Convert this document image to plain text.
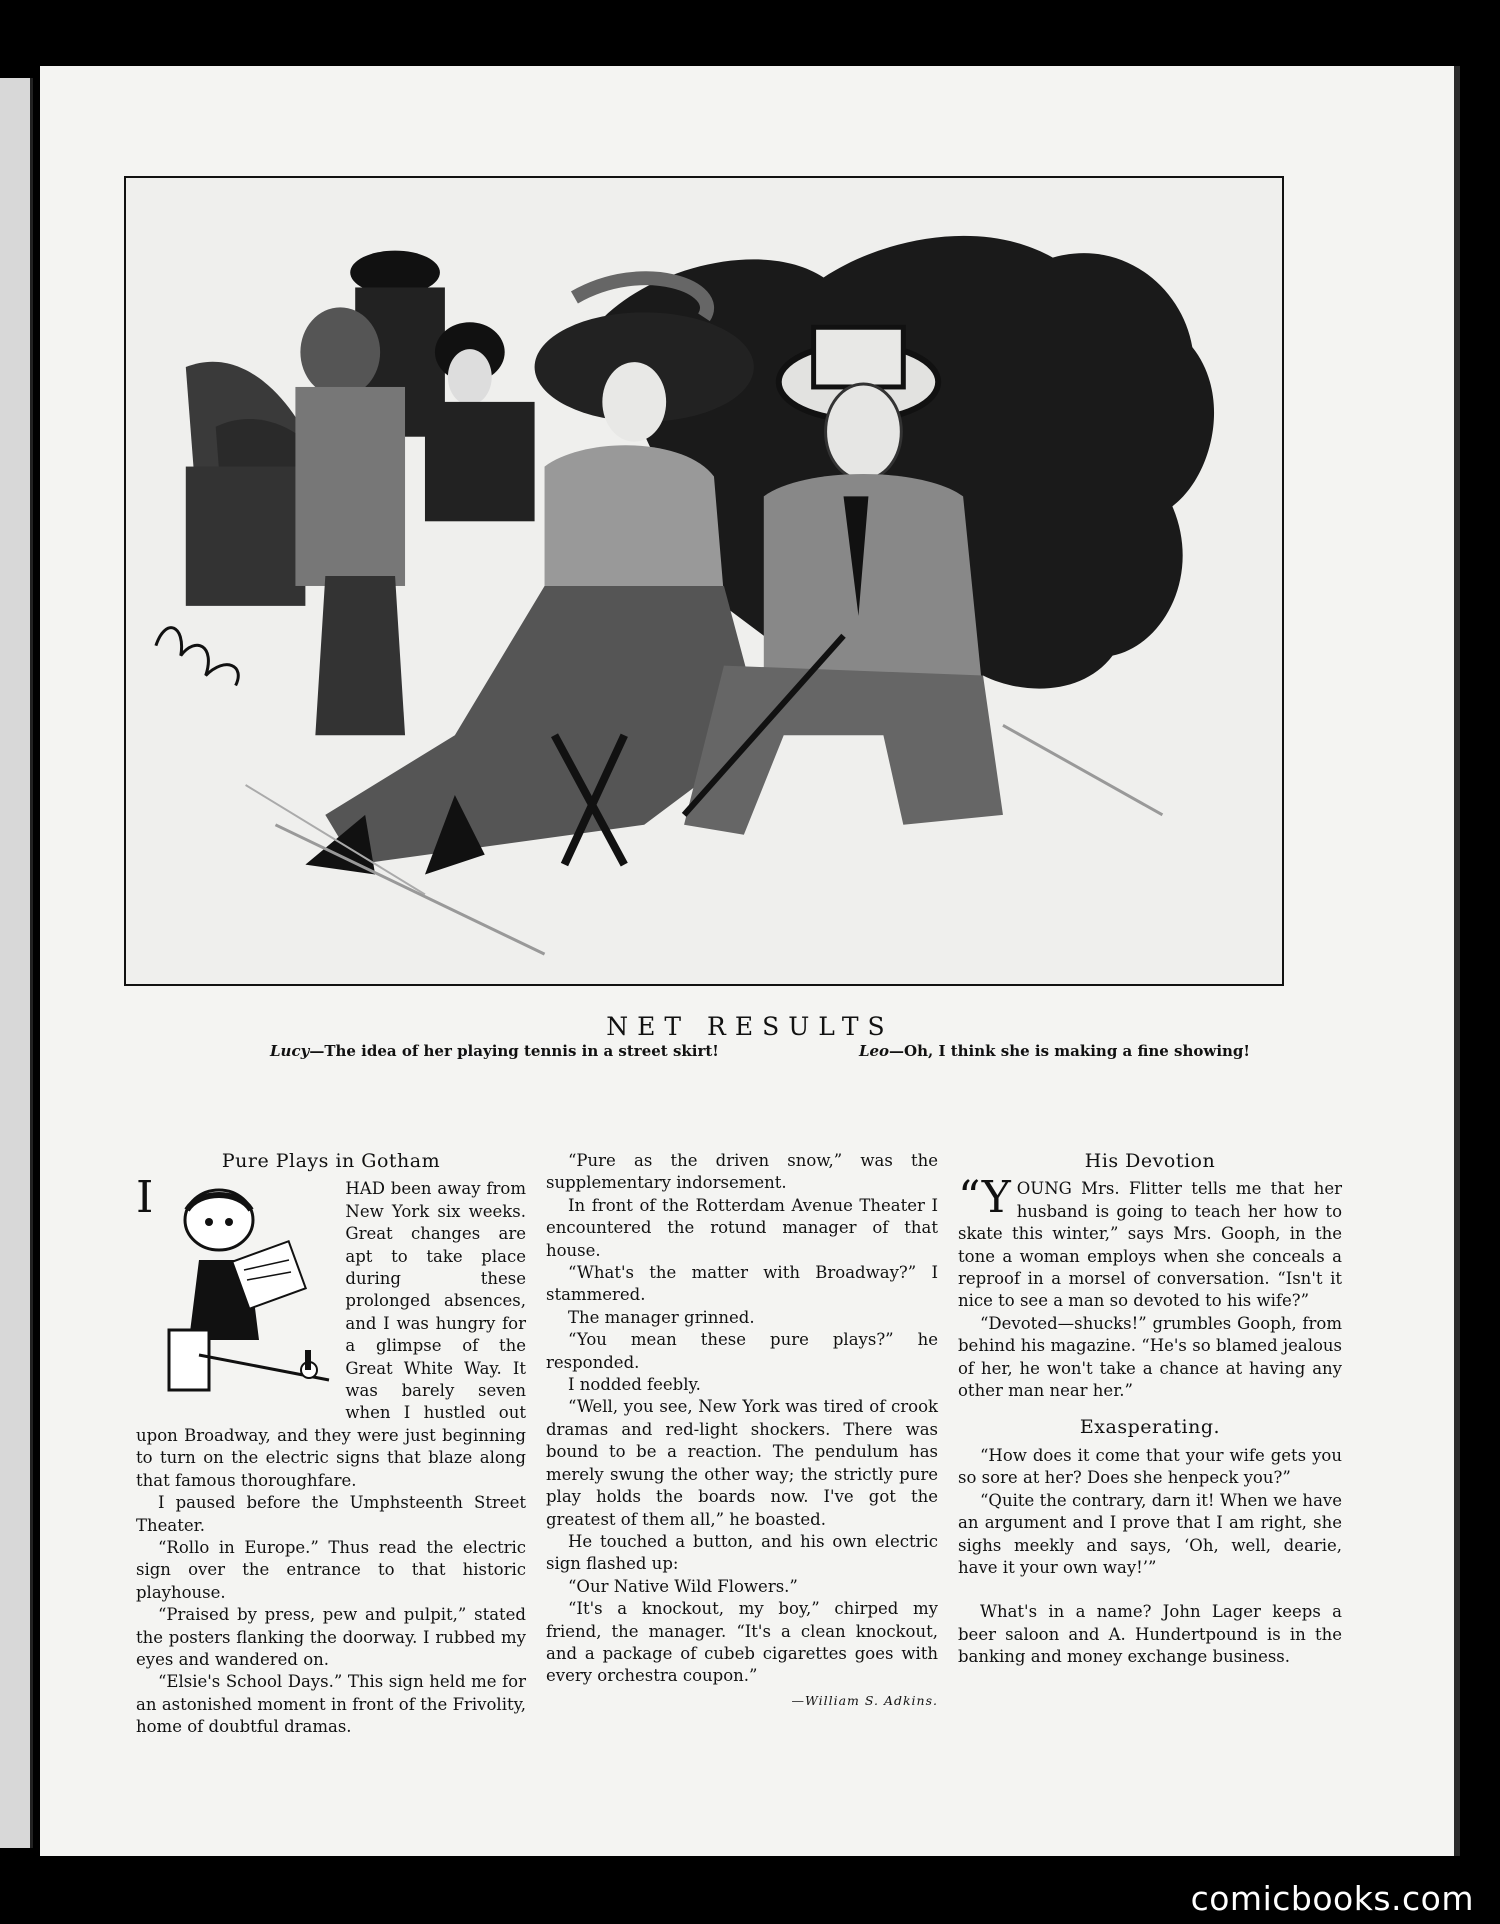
NET RESULTS
Lucy—The idea of her playing tennis in a street skirt!	Leo—Oh, I think she is making a fine showing!
Pure Plays in Gotham

I	HAD been away from New York six weeks. Great changes are apt to take place during these prolonged absences, and I was hungry for a glimpse of the Great White Way. It was barely seven when I hustled out upon Broadway, and they were just beginning to turn on the electric signs that blaze along that famous thoroughfare.

I paused before the Umphsteenth Street Theater.

“Rollo in Europe.” Thus read the electric sign over the entrance to that historic playhouse.

“Praised by press, pew and pulpit,” stated the posters flanking the doorway. I rubbed my eyes and wandered on.

“Elsie's School Days.” This sign held me for an astonished moment in front of the Frivolity, home of doubtful dramas.

“Pure as the driven snow,” was the supplementary indorsement.

In front of the Rotterdam Avenue Theater I encountered the rotund manager of that house.

“What's the matter with Broadway?” I stammered.

The manager grinned.

“You mean these pure plays?” he responded.

I nodded feebly.

“Well, you see, New York was tired of crook dramas and red-light shockers. There was bound to be a reaction. The pendulum has merely swung the other way; the strictly pure play holds the boards now. I've got the greatest of them all,” he boasted.

He touched a button, and his own electric sign flashed up:

“Our Native Wild Flowers.”

“It's a knockout, my boy,” chirped my friend, the manager. “It's a clean knockout, and a package of cubeb cigarettes goes with every orchestra coupon.”

—William S. Adkins.
His Devotion

“YOUNG Mrs. Flitter tells me that her husband is going to teach her how to skate this winter,” says Mrs. Gooph, in the tone a woman employs when she conceals a reproof in a morsel of conversation. “Isn't it nice to see a man so devoted to his wife?”

“Devoted—shucks!” grumbles Gooph, from behind his magazine. “He's so blamed jealous of her, he won't take a chance at having any other man near her.”

Exasperating.

“How does it come that your wife gets you so sore at her? Does she henpeck you?”

“Quite the contrary, darn it! When we have an argument and I prove that I am right, she sighs meekly and says, ‘Oh, well, dearie, have it your own way!’”

What's in a name? John Lager keeps a beer saloon and A. Hundertpound is in the banking and money exchange business.

comicbooks.com
